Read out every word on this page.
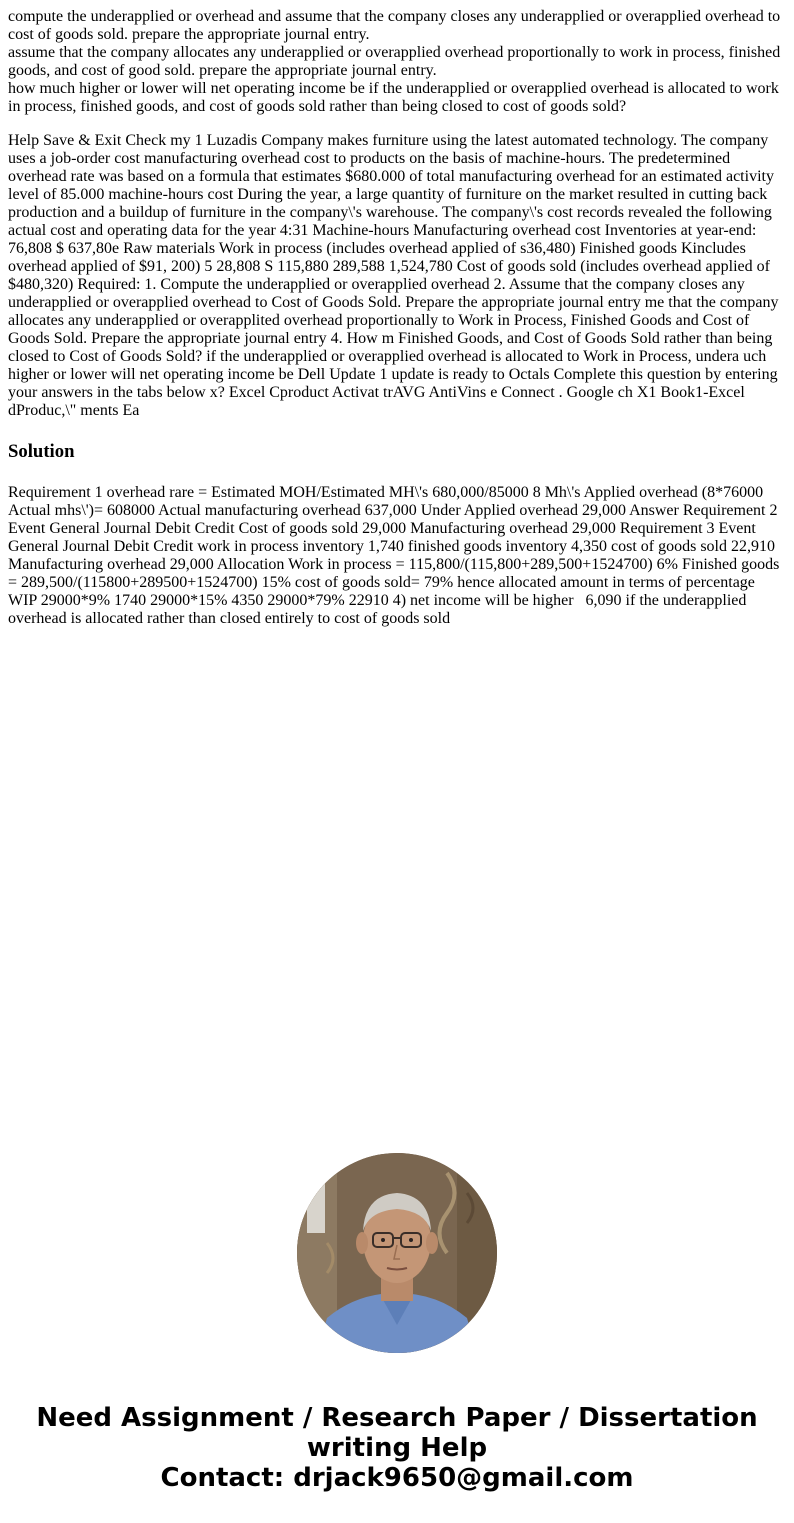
compute the underapplied or overhead and assume that the company closes any underapplied or overapplied overhead to cost of goods sold. prepare the appropriate journal entry.
assume that the company allocates any underapplied or overapplied overhead proportionally to work in process, finished goods, and cost of good sold. prepare the appropriate journal entry.
how much higher or lower will net operating income be if the underapplied or overapplied overhead is allocated to work in process, finished goods, and cost of goods sold rather than being closed to cost of goods sold?

Help Save & Exit Check my 1 Luzadis Company makes furniture using the latest automated technology. The company uses a job-order cost manufacturing overhead cost to products on the basis of machine-hours. The predetermined overhead rate was based on a formula that estimates $680.000 of total manufacturing overhead for an estimated activity level of 85.000 machine-hours cost During the year, a large quantity of furniture on the market resulted in cutting back production and a buildup of furniture in the company\'s warehouse. The company\'s cost records revealed the following actual cost and operating data for the year 4:31 Machine-hours Manufacturing overhead cost Inventories at year-end: 76,808 $ 637,80e Raw materials Work in process (includes overhead applied of s36,480) Finished goods Kincludes overhead applied of $91, 200) 5 28,808 S 115,880 289,588 1,524,780 Cost of goods sold (includes overhead applied of $480,320) Required: 1. Compute the underapplied or overapplied overhead 2. Assume that the company closes any underapplied or overapplied overhead to Cost of Goods Sold. Prepare the appropriate journal entry me that the company allocates any underapplied or overapplited overhead proportionally to Work in Process, Finished Goods and Cost of Goods Sold. Prepare the appropriate journal entry 4. How m Finished Goods, and Cost of Goods Sold rather than being closed to Cost of Goods Sold? if the underapplied or overapplied overhead is allocated to Work in Process, undera uch higher or lower will net operating income be Dell Update 1 update is ready to Octals Complete this question by entering your answers in the tabs below x? Excel Cproduct Activat trAVG AntiVins e Connect . Google ch X1 Book1-Excel dProduc,\" ments Ea

Solution

Requirement 1 overhead rare = Estimated MOH/Estimated MH\'s 680,000/85000 8 Mh\'s Applied overhead (8*76000 Actual mhs\')= 608000 Actual manufacturing overhead 637,000 Under Applied overhead 29,000 Answer Requirement 2 Event General Journal Debit Credit Cost of goods sold 29,000 Manufacturing overhead 29,000 Requirement 3 Event General Journal Debit Credit work in process inventory 1,740 finished goods inventory 4,350 cost of goods sold 22,910 Manufacturing overhead 29,000 Allocation Work in process = 115,800/(115,800+289,500+1524700) 6% Finished goods = 289,500/(115800+289500+1524700) 15% cost of goods sold= 79% hence allocated amount in terms of percentage WIP 29000*9% 1740 29000*15% 4350 29000*79% 22910 4) net income will be higher   6,090 if the underapplied overhead is allocated rather than closed entirely to cost of goods sold

Need Assignment / Research Paper / Dissertation
writing Help
Contact: drjack9650@gmail.com
